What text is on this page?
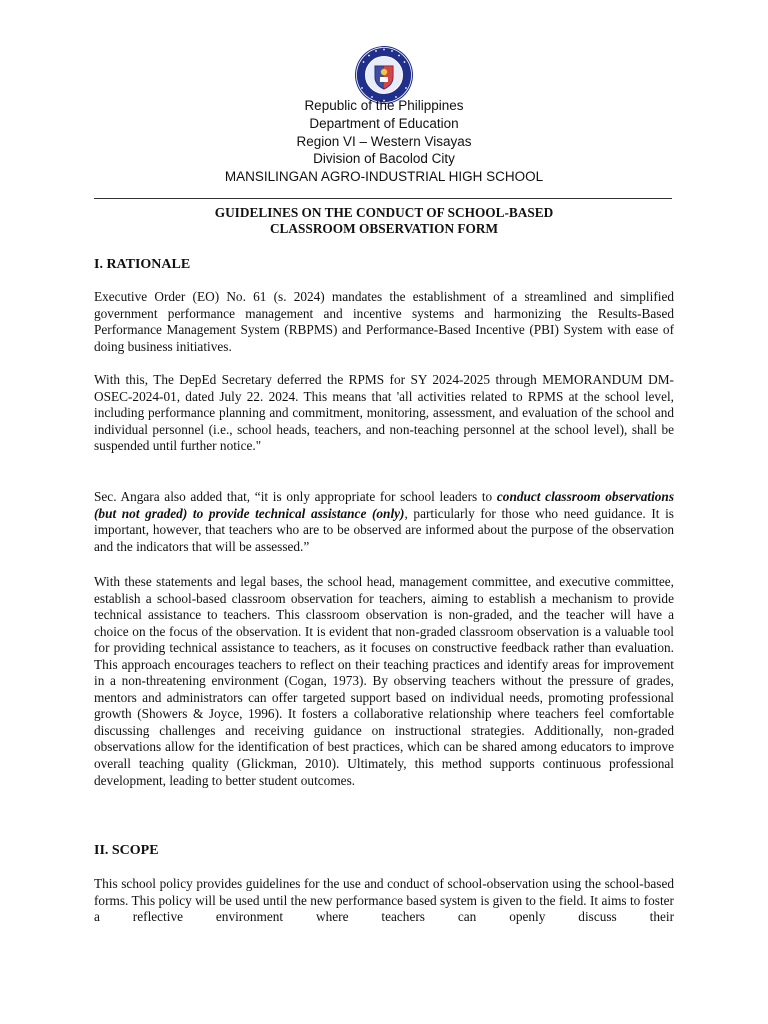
Republic of the Philippines
Department of Education
Region VI – Western Visayas
Division of Bacolod City
MANSILINGAN AGRO-INDUSTRIAL HIGH SCHOOL
GUIDELINES ON THE CONDUCT OF SCHOOL-BASED
CLASSROOM OBSERVATION FORM
I. RATIONALE
Executive Order (EO) No. 61 (s. 2024) mandates the establishment of a streamlined and simplified government performance management and incentive systems and harmonizing the Results-Based Performance Management System (RBPMS) and Performance-Based Incentive (PBI) System with ease of doing business initiatives.
With this, The DepEd Secretary deferred the RPMS for SY 2024-2025 through MEMORANDUM DM-OSEC-2024-01, dated July 22. 2024. This means that 'all activities related to RPMS at the school level, including performance planning and commitment, monitoring, assessment, and evaluation of the school and individual personnel (i.e., school heads, teachers, and non-teaching personnel at the school level), shall be suspended until further notice."
Sec. Angara also added that, “it is only appropriate for school leaders to conduct classroom observations (but not graded) to provide technical assistance (only), particularly for those who need guidance. It is important, however, that teachers who are to be observed are informed about the purpose of the observation and the indicators that will be assessed.”
With these statements and legal bases, the school head, management committee, and executive committee, establish a school-based classroom observation for teachers, aiming to establish a mechanism to provide technical assistance to teachers. This classroom observation is non-graded, and the teacher will have a choice on the focus of the observation. It is evident that non-graded classroom observation is a valuable tool for providing technical assistance to teachers, as it focuses on constructive feedback rather than evaluation. This approach encourages teachers to reflect on their teaching practices and identify areas for improvement in a non-threatening environment (Cogan, 1973). By observing teachers without the pressure of grades, mentors and administrators can offer targeted support based on individual needs, promoting professional growth (Showers & Joyce, 1996). It fosters a collaborative relationship where teachers feel comfortable discussing challenges and receiving guidance on instructional strategies. Additionally, non-graded observations allow for the identification of best practices, which can be shared among educators to improve overall teaching quality (Glickman, 2010). Ultimately, this method supports continuous professional development, leading to better student outcomes.
II. SCOPE
This school policy provides guidelines for the use and conduct of school-observation using the school-based forms. This policy will be used until the new performance based system is given to the field. It aims to foster a reflective environment where teachers can openly discuss their
